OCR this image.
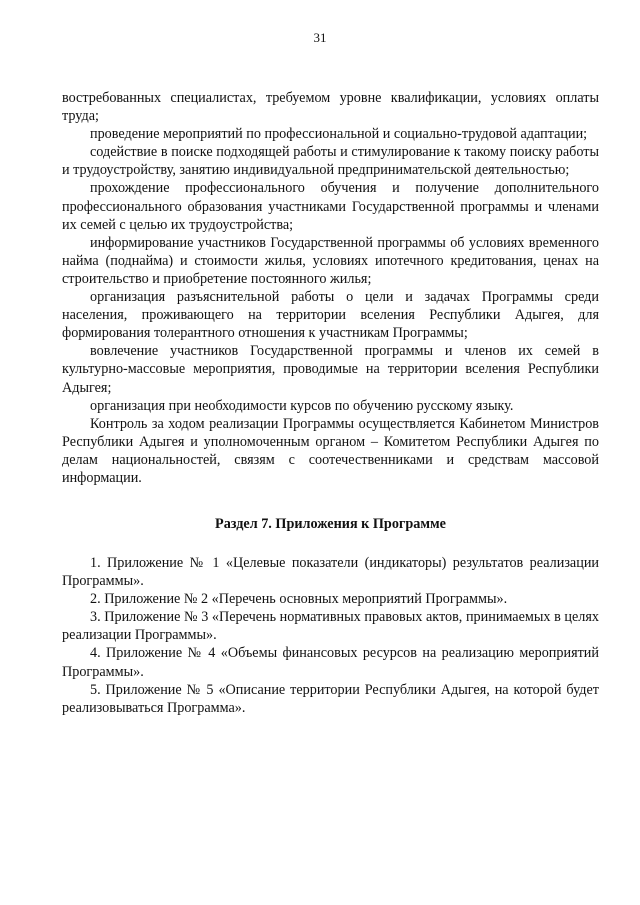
31

востребованных специалистах, требуемом уровне квалификации, условиях оплаты труда;

проведение мероприятий по профессиональной и социально-трудовой адаптации;

содействие в поиске подходящей работы и стимулирование к такому поиску работы и трудоустройству, занятию индивидуальной предпринимательской деятельностью;

прохождение профессионального обучения и получение дополнительного профессионального образования участниками Государственной программы и членами их семей с целью их трудоустройства;

информирование участников Государственной программы об условиях временного найма (поднайма) и стоимости жилья, условиях ипотечного кредитования, ценах на строительство и приобретение постоянного жилья;

организация разъяснительной работы о цели и задачах Программы среди населения, проживающего на территории вселения Республики Адыгея, для формирования толерантного отношения к участникам Программы;

вовлечение участников Государственной программы и членов их семей в культурно-массовые мероприятия, проводимые на территории вселения Республики Адыгея;

организация при необходимости курсов по обучению русскому языку.

Контроль за ходом реализации Программы осуществляется Кабинетом Министров Республики Адыгея и уполномоченным органом – Комитетом Республики Адыгея по делам национальностей, связям с соотечественниками и средствам массовой информации.

Раздел 7. Приложения к Программе

1. Приложение № 1 «Целевые показатели (индикаторы) результатов реализации Программы».

2. Приложение № 2 «Перечень основных мероприятий Программы».

3. Приложение № 3 «Перечень нормативных правовых актов, принимаемых в целях реализации Программы».

4. Приложение № 4 «Объемы финансовых ресурсов на реализацию мероприятий Программы».

5. Приложение № 5 «Описание территории Республики Адыгея, на которой будет реализовываться Программа».
